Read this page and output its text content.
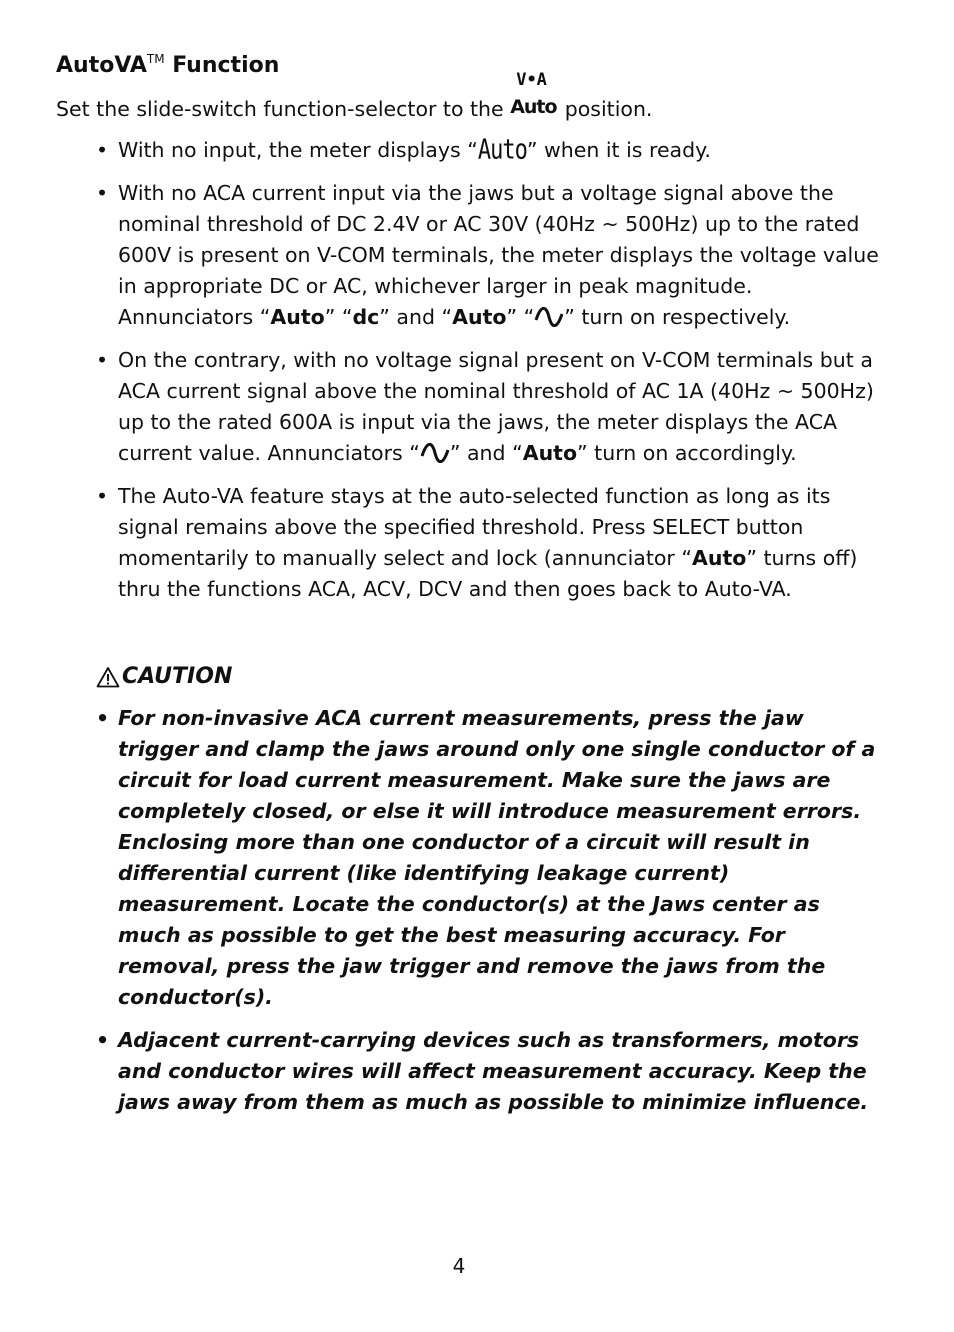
AutoVA™ Function

Set the slide-switch function-selector to the
V•A
Auto position.

• With no input, the meter displays “Auto” when it is ready.
• With no ACA current input via the jaws but a voltage signal above the nominal threshold of DC 2.4V or AC 30V (40Hz ~ 500Hz) up to the rated 600V is present on V-COM terminals, the meter displays the voltage value in appropriate DC or AC, whichever larger in peak magnitude. Annunciators “Auto” “dc” and “Auto” “ ” turn on respectively.
• On the contrary, with no voltage signal present on V-COM terminals but a ACA current signal above the nominal threshold of AC 1A (40Hz ~ 500Hz) up to the rated 600A is input via the jaws, the meter displays the ACA current value. Annunciators “ ” and “Auto” turn on accordingly.
• The Auto-VA feature stays at the auto-selected function as long as its signal remains above the specified threshold. Press SELECT button momentarily to manually select and lock (annunciator “Auto” turns off) thru the functions ACA, ACV, DCV and then goes back to Auto-VA.
CAUTION
• For non-invasive ACA current measurements, press the jaw trigger and clamp the jaws around only one single conductor of a circuit for load current measurement. Make sure the jaws are completely closed, or else it will introduce measurement errors. Enclosing more than one conductor of a circuit will result in differential current (like identifying leakage current) measurement. Locate the conductor(s) at the Jaws center as much as possible to get the best measuring accuracy. For removal, press the jaw trigger and remove the jaws from the conductor(s).
• Adjacent current-carrying devices such as transformers, motors and conductor wires will affect measurement accuracy. Keep the jaws away from them as much as possible to minimize influence.
4
